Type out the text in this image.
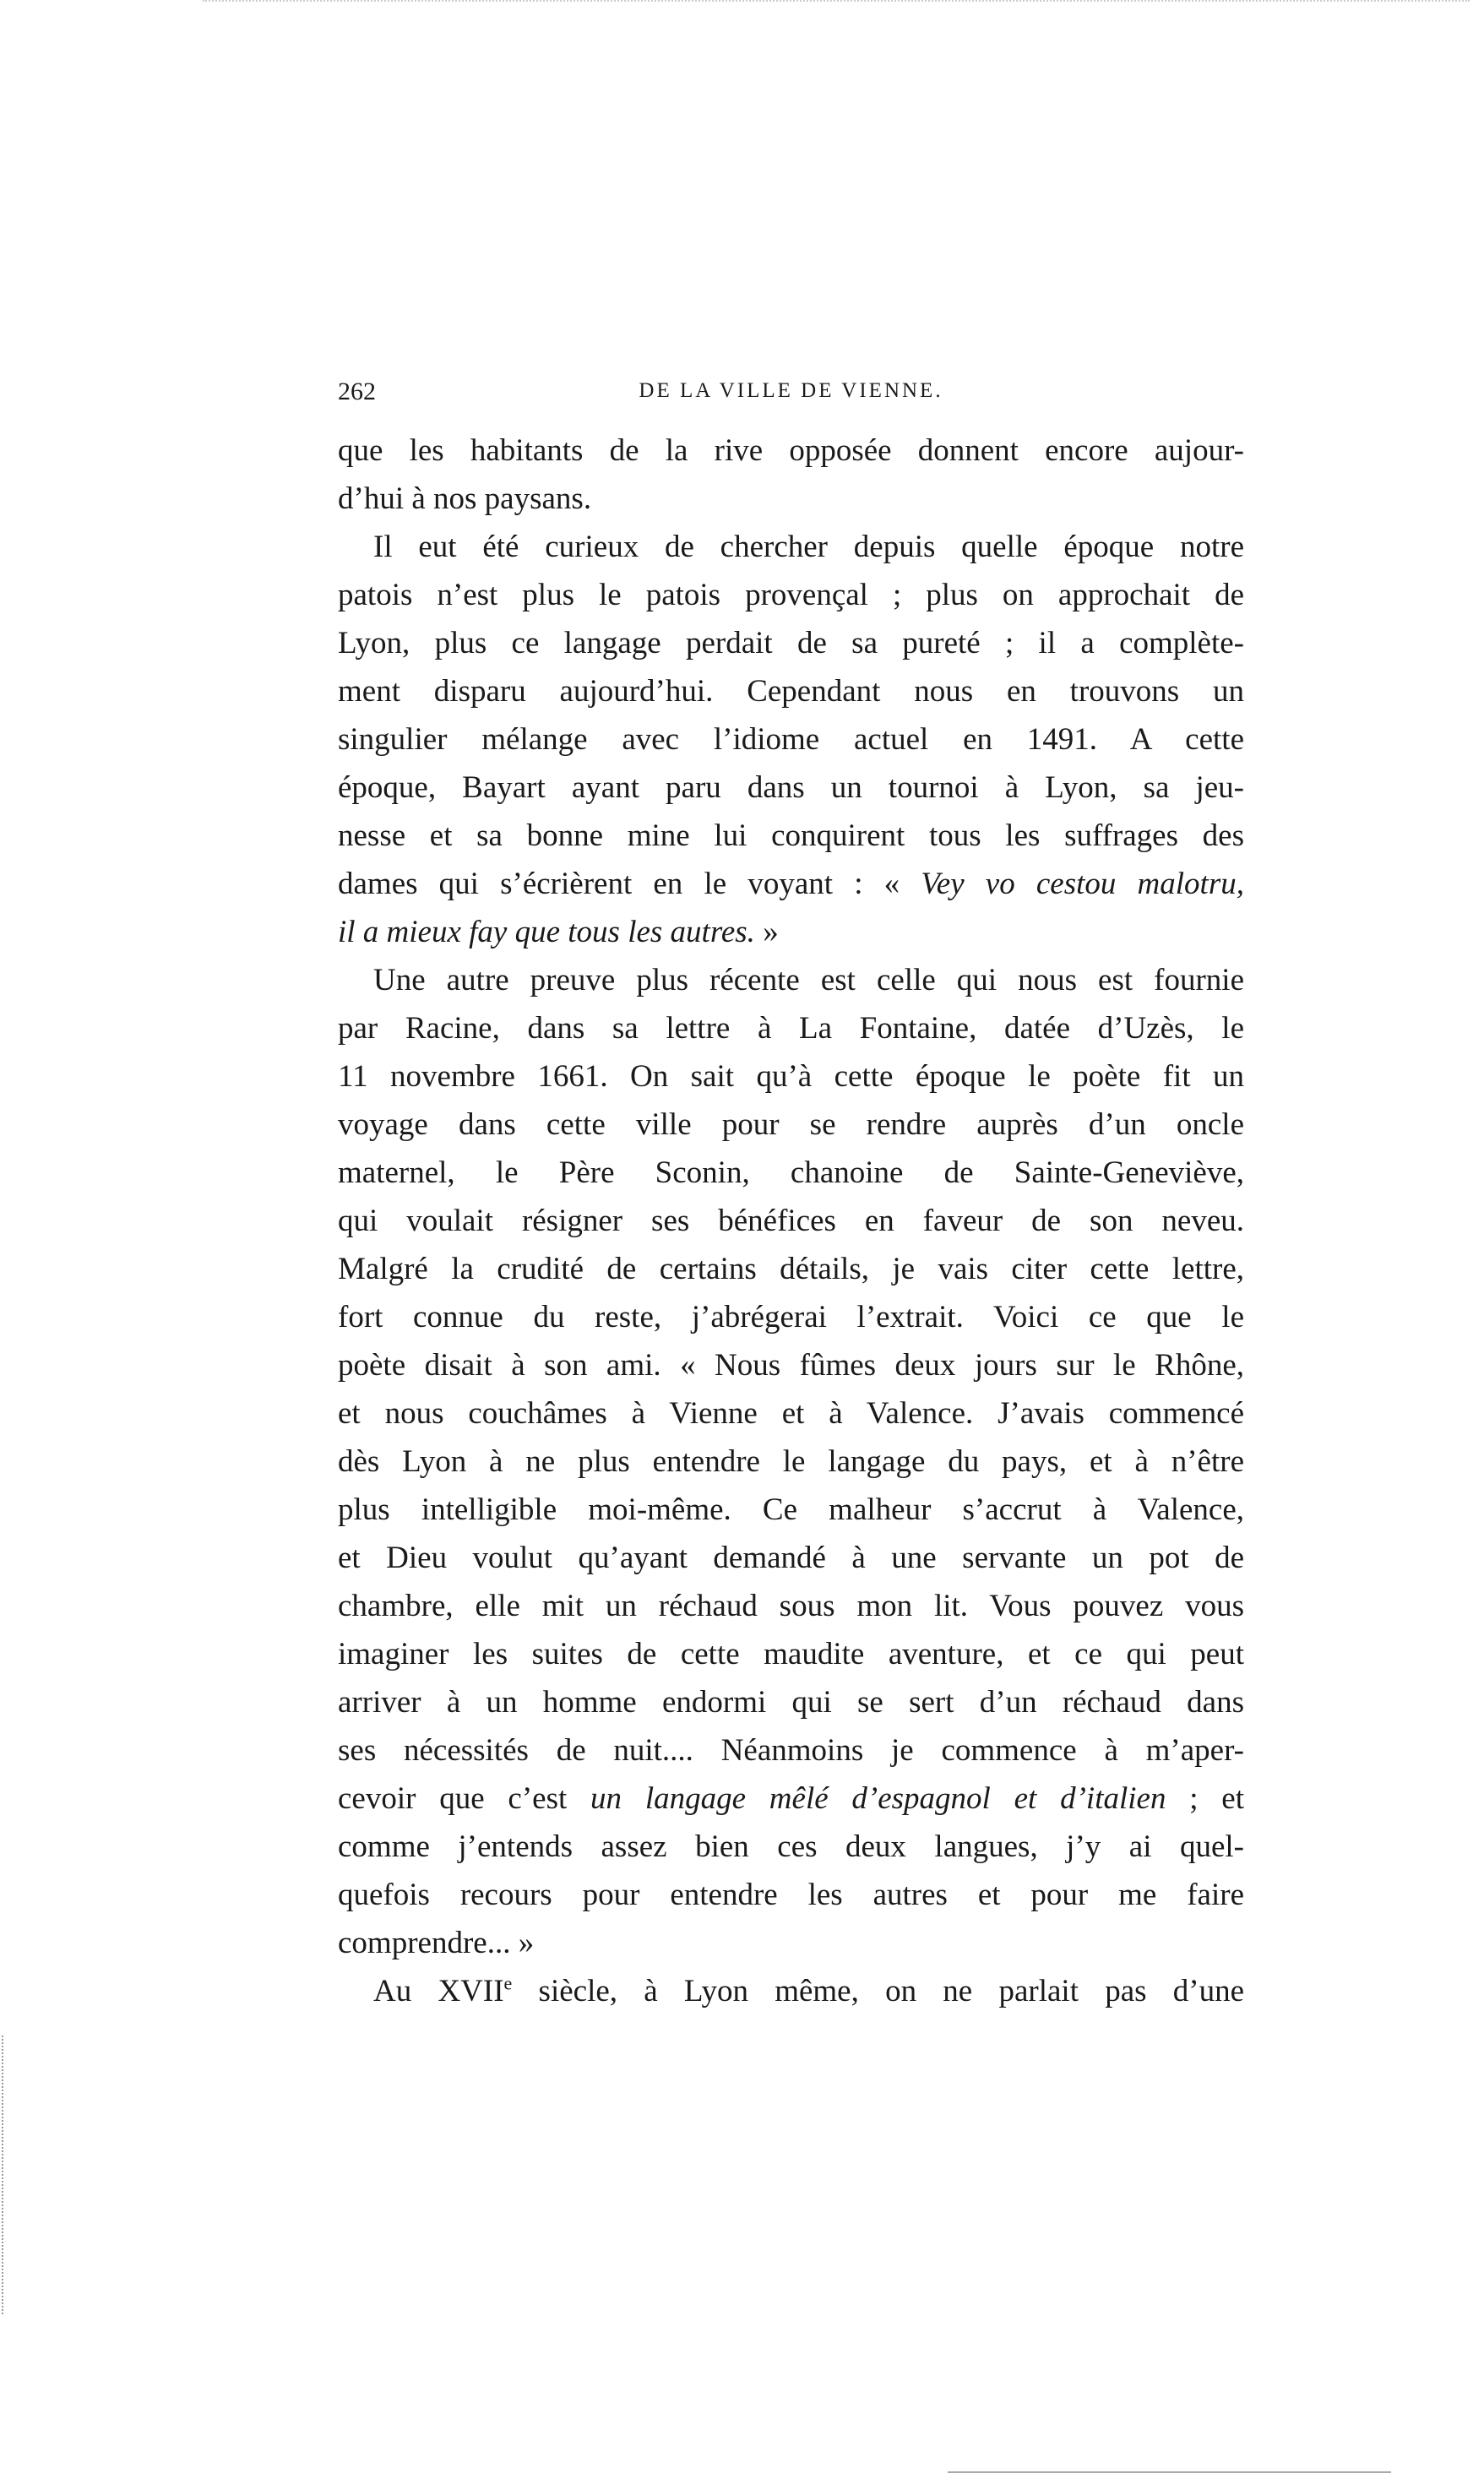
262	DE LA VILLE DE VIENNE.
que les habitants de la rive opposée donnent encore aujour-
d’hui à nos paysans.
Il eut été curieux de chercher depuis quelle époque notre
patois n’est plus le patois provençal ; plus on approchait de
Lyon, plus ce langage perdait de sa pureté ; il a complète-
ment disparu aujourd’hui. Cependant nous en trouvons un
singulier mélange avec l’idiome actuel en 1491. A cette
époque, Bayart ayant paru dans un tournoi à Lyon, sa jeu-
nesse et sa bonne mine lui conquirent tous les suffrages des
dames qui s’écrièrent en le voyant : « Vey vo cestou malotru,
il a mieux fay que tous les autres. »
Une autre preuve plus récente est celle qui nous est fournie
par Racine, dans sa lettre à La Fontaine, datée d’Uzès, le
11 novembre 1661. On sait qu’à cette époque le poète fit un
voyage dans cette ville pour se rendre auprès d’un oncle
maternel, le Père Sconin, chanoine de Sainte-Geneviève,
qui voulait résigner ses bénéfices en faveur de son neveu.
Malgré la crudité de certains détails, je vais citer cette lettre,
fort connue du reste, j’abrégerai l’extrait. Voici ce que le
poète disait à son ami. « Nous fûmes deux jours sur le Rhône,
et nous couchâmes à Vienne et à Valence. J’avais commencé
dès Lyon à ne plus entendre le langage du pays, et à n’être
plus intelligible moi-même. Ce malheur s’accrut à Valence,
et Dieu voulut qu’ayant demandé à une servante un pot de
chambre, elle mit un réchaud sous mon lit. Vous pouvez vous
imaginer les suites de cette maudite aventure, et ce qui peut
arriver à un homme endormi qui se sert d’un réchaud dans
ses nécessités de nuit.... Néanmoins je commence à m’aper-
cevoir que c’est un langage mêlé d’espagnol et d’italien ; et
comme j’entends assez bien ces deux langues, j’y ai quel-
quefois recours pour entendre les autres et pour me faire
comprendre... »
Au XVIIe siècle, à Lyon même, on ne parlait pas d’une
